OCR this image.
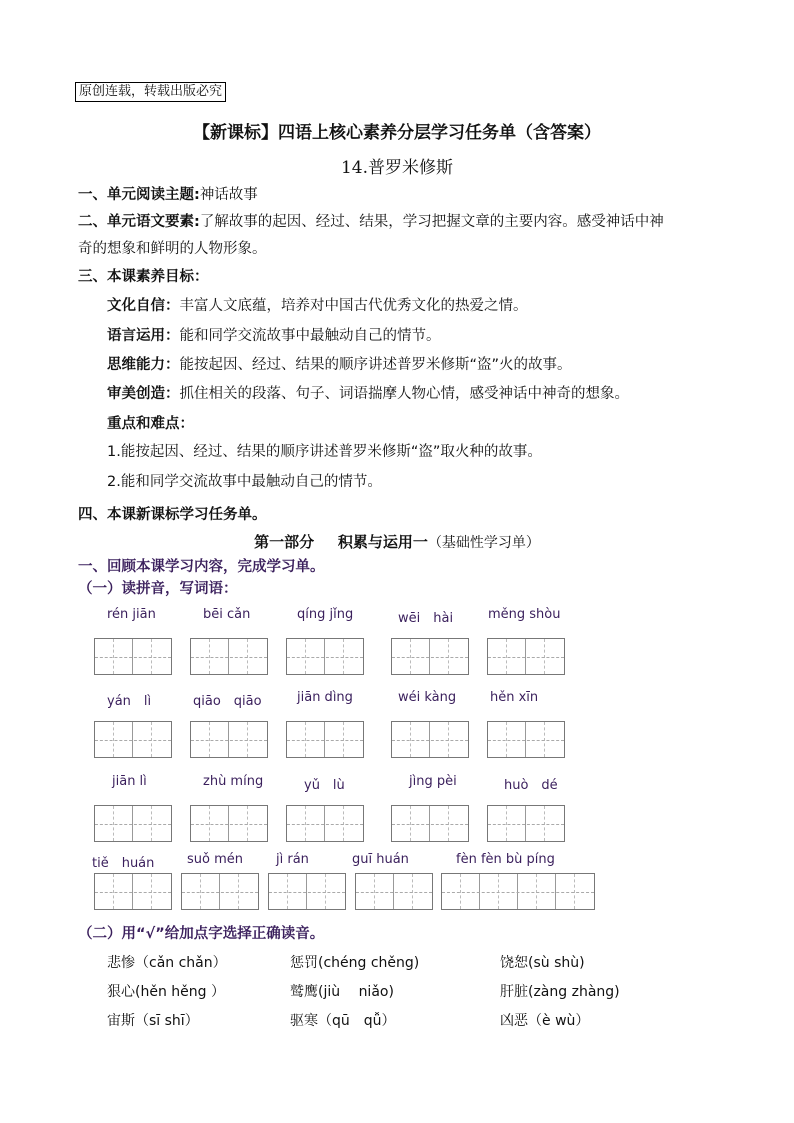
原创连载，转载出版必究
【新课标】四语上核心素养分层学习任务单（含答案）
14.普罗米修斯
一、单元阅读主题:神话故事
二、单元语文要素:了解故事的起因、经过、结果，学习把握文章的主要内容。感受神话中神
奇的想象和鲜明的人物形象。
三、本课素养目标：
文化自信：丰富人文底蕴，培养对中国古代优秀文化的热爱之情。
语言运用：能和同学交流故事中最触动自己的情节。
思维能力：能按起因、经过、结果的顺序讲述普罗米修斯“盗”火的故事。
审美创造：抓住相关的段落、句子、词语揣摩人物心情，感受神话中神奇的想象。
重点和难点：
1.能按起因、经过、结果的顺序讲述普罗米修斯“盗”取火种的故事。
2.能和同学交流故事中最触动自己的情节。
四、本课新课标学习任务单。
第一部分 积累与运用一（基础性学习单）
一、回顾本课学习内容，完成学习单。
（一）读拼音，写词语：
rén jiān	bēi cǎn	qíng jǐng	wēi　hài	měng shòu
yán　lì	qiāo　qiāo	jiān dìng	wéi kàng	hěn xīn
jiān lì	zhù míng	yǔ　lù	jìng pèi	huò　dé
tiě　huán	suǒ mén	jì rán	guī huán	fèn fèn bù píng
（二）用“√”给加点字选择正确读音。
悲惨（cǎn chǎn）	惩罚(chéng chěng)	饶恕(sù shù)
狠心(hěn hěng ）	鹫鹰(jiù　 niǎo)	肝脏(zàng zhàng)
宙斯（sī shī）	驱寒（qū　qǚ）	凶恶（è wù）
